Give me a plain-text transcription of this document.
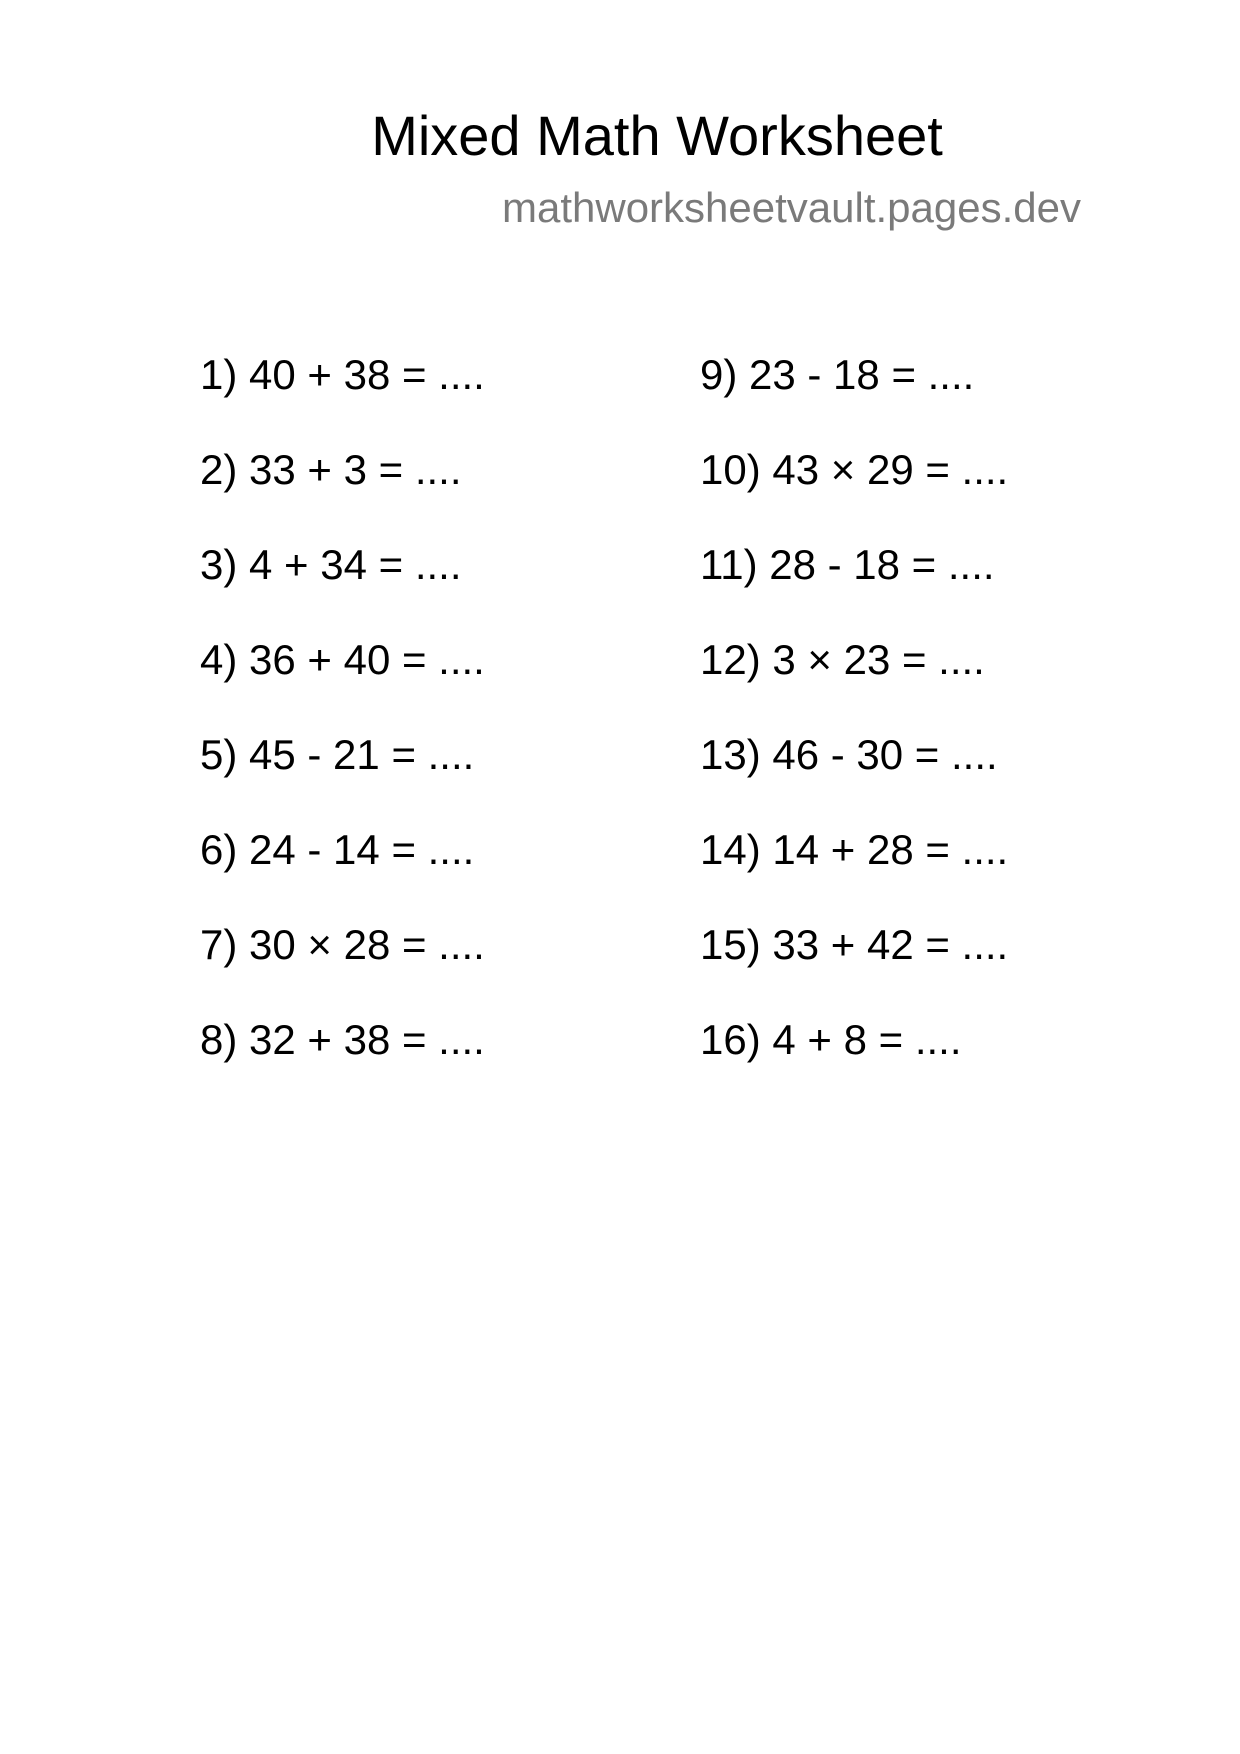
Mixed Math Worksheet
mathworksheetvault.pages.dev
1) 40 + 38 = ....
2) 33 + 3 = ....
3) 4 + 34 = ....
4) 36 + 40 = ....
5) 45 - 21 = ....
6) 24 - 14 = ....
7) 30 × 28 = ....
8) 32 + 38 = ....
9) 23 - 18 = ....
10) 43 × 29 = ....
11) 28 - 18 = ....
12) 3 × 23 = ....
13) 46 - 30 = ....
14) 14 + 28 = ....
15) 33 + 42 = ....
16) 4 + 8 = ....
